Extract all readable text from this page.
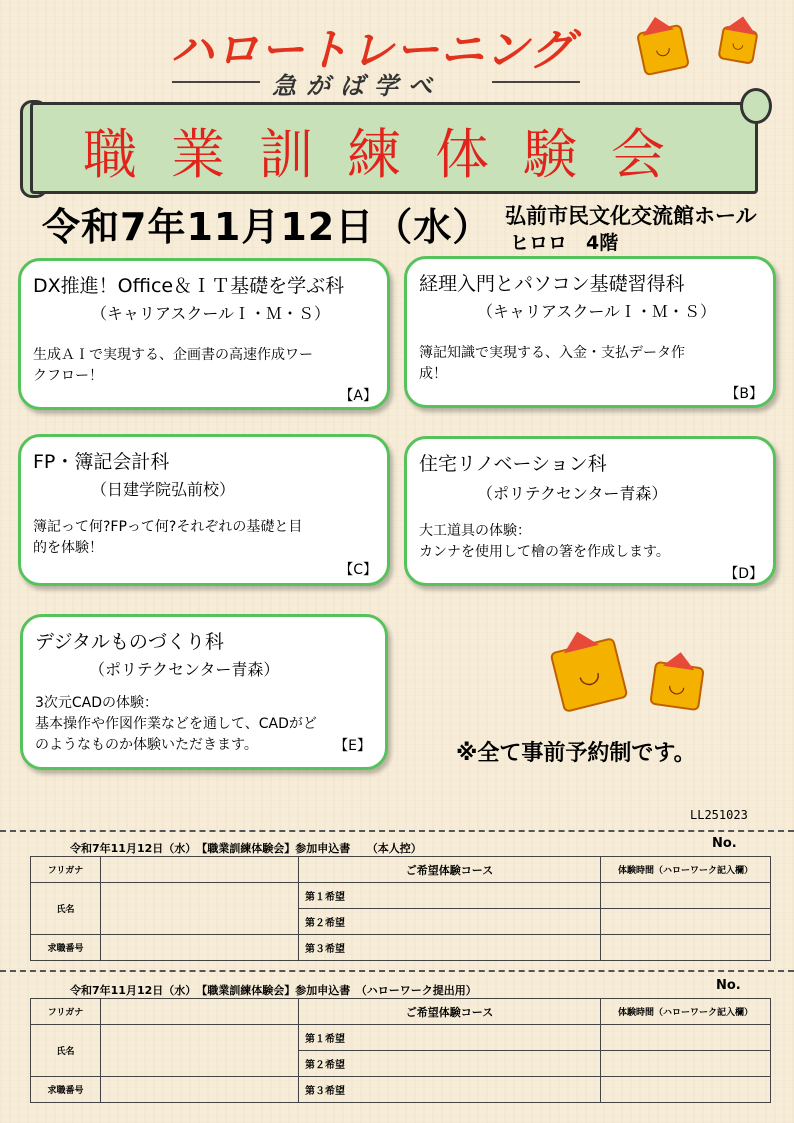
ハロートレーニング
急がば学べ
◡	◡
職業訓練体験会
令和7年11月12日（水） 弘前市民文化交流館ホール
ヒロロ　4階
DX推進！Office＆ＩＴ基礎を学ぶ科
（キャリアスクールＩ・Ｍ・Ｓ）
生成ＡＩで実現する、企画書の高速作成ワー
クフロー！
【A】
経理入門とパソコン基礎習得科
（キャリアスクールＩ・Ｍ・Ｓ）
簿記知識で実現する、入金・支払データ作
成！
【B】
FP・簿記会計科
（日建学院弘前校）
簿記って何?FPって何?それぞれの基礎と目
的を体験！
【C】
住宅リノベーション科
（ポリテクセンター青森）
大工道具の体験：
カンナを使用して檜の箸を作成します。
【D】
デジタルものづくり科
（ポリテクセンター青森）
3次元CADの体験：
基本操作や作図作業などを通して、CADがど
のようなものか体験いただきます。	【E】
◡	◡
※全て事前予約制です。
LL251023
令和7年11月12日（水）　【職業訓練体験会】参加申込書　　（本人控）	No.
フリガナ		ご希望体験コース	体験時間（ハローワーク記入欄）
氏名		第１希望	
		第２希望	
求職番号		第３希望	
令和7年11月12日（水）　【職業訓練体験会】参加申込書　（ハローワーク提出用）	No.
フリガナ		ご希望体験コース	体験時間（ハローワーク記入欄）
氏名		第１希望	
		第２希望	
求職番号		第３希望	
